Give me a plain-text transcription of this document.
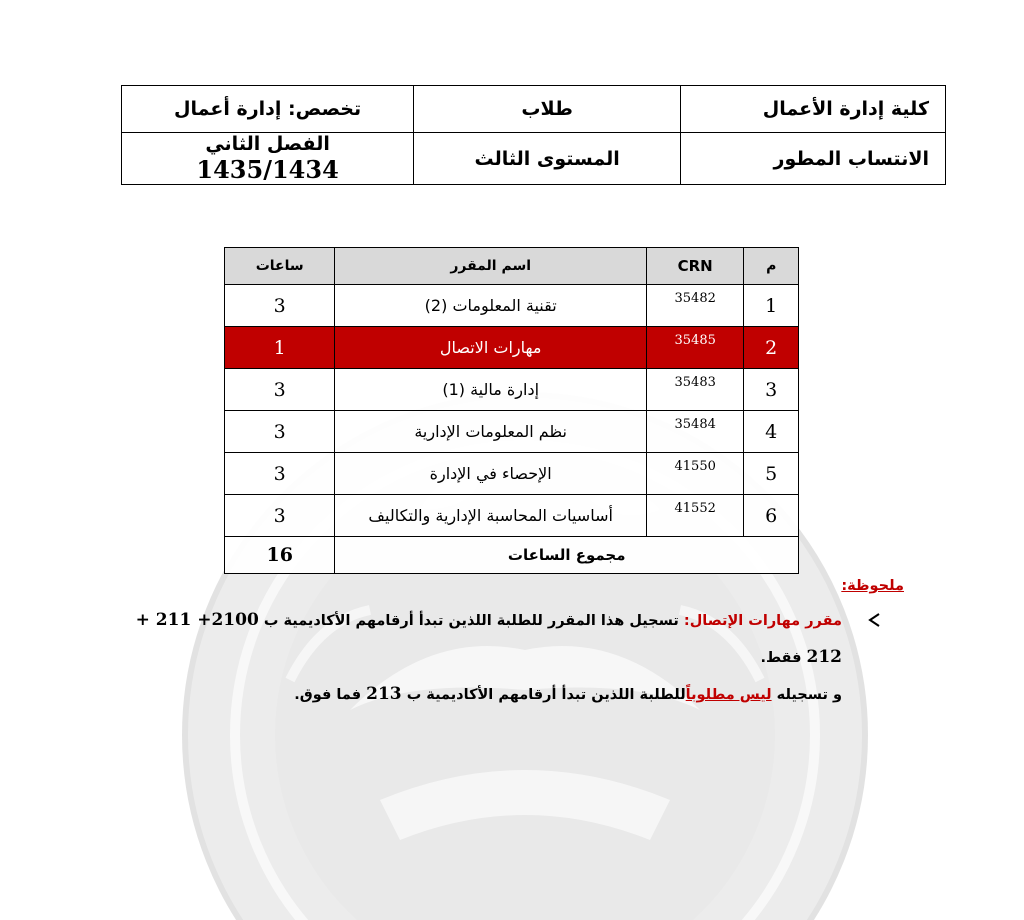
كلية إدارة الأعمال	طلاب	تخصص: إدارة أعمال
الانتساب المطور	المستوى الثالث	الفصل الثاني 1435/1434
م	CRN	اسم المقرر	ساعات
1	35482	تقنية المعلومات (2)	3
2	35485	مهارات الاتصال	1
3	35483	إدارة مالية (1)	3
4	35484	نظم المعلومات الإدارية	3
5	41550	الإحصاء في الإدارة	3
6	41552	أساسيات المحاسبة الإدارية والتكاليف	3
مجموع الساعات			16
ملحوظة:
مقرر مهارات الإتصال: تسجيل هذا المقرر للطلبة اللذين تبدأ أرقامهم الأكاديمية ب 2100+ 211 + 212 فقط.
و تسجيله ليس مطلوباًللطلبة اللذين تبدأ أرقامهم الأكاديمية ب 213 فما فوق.
